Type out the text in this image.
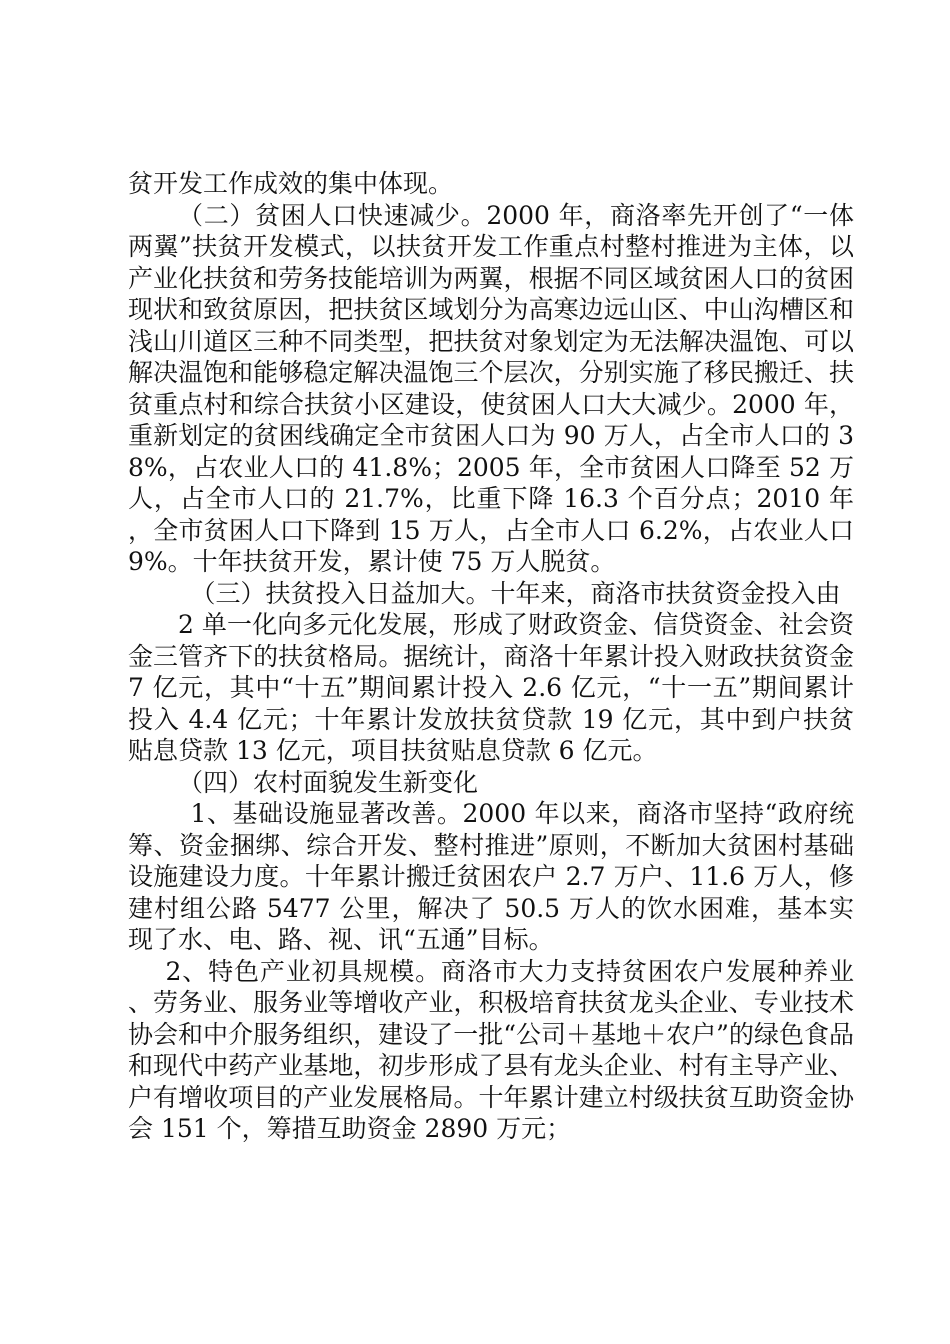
贫开发工作成效的集中体现。

（二）贫困人口快速减少。2000 年，商洛率先开创了“一体两翼”扶贫开发模式，以扶贫开发工作重点村整村推进为主体，以产业化扶贫和劳务技能培训为两翼，根据不同区域贫困人口的贫困现状和致贫原因，把扶贫区域划分为高寒边远山区、中山沟槽区和浅山川道区三种不同类型，把扶贫对象划定为无法解决温饱、可以解决温饱和能够稳定解决温饱三个层次，分别实施了移民搬迁、扶贫重点村和综合扶贫小区建设，使贫困人口大大减少。2000 年，重新划定的贫困线确定全市贫困人口为 90 万人，占全市人口的 38%，占农业人口的 41.8%；2005 年，全市贫困人口降至 52 万人，占全市人口的 21.7%，比重下降 16.3 个百分点；2010 年，全市贫困人口下降到 15 万人，占全市人口 6.2%，占农业人口 9%。十年扶贫开发，累计使 75 万人脱贫。

（三）扶贫投入日益加大。十年来，商洛市扶贫资金投入由

2 单一化向多元化发展，形成了财政资金、信贷资金、社会资金三管齐下的扶贫格局。据统计，商洛十年累计投入财政扶贫资金 7 亿元，其中“十五”期间累计投入 2.6 亿元，“十一五”期间累计投入 4.4 亿元；十年累计发放扶贫贷款 19 亿元，其中到户扶贫贴息贷款 13 亿元，项目扶贫贴息贷款 6 亿元。

（四）农村面貌发生新变化

1、基础设施显著改善。2000 年以来，商洛市坚持“政府统筹、资金捆绑、综合开发、整村推进”原则，不断加大贫困村基础设施建设力度。十年累计搬迁贫困农户 2.7 万户、11.6 万人，修建村组公路 5477 公里，解决了 50.5 万人的饮水困难，基本实现了水、电、路、视、讯“五通”目标。

2、特色产业初具规模。商洛市大力支持贫困农户发展种养业、劳务业、服务业等增收产业，积极培育扶贫龙头企业、专业技术协会和中介服务组织，建设了一批“公司＋基地＋农户”的绿色食品和现代中药产业基地，初步形成了县有龙头企业、村有主导产业、户有增收项目的产业发展格局。十年累计建立村级扶贫互助资金协会 151 个，筹措互助资金 2890 万元；
